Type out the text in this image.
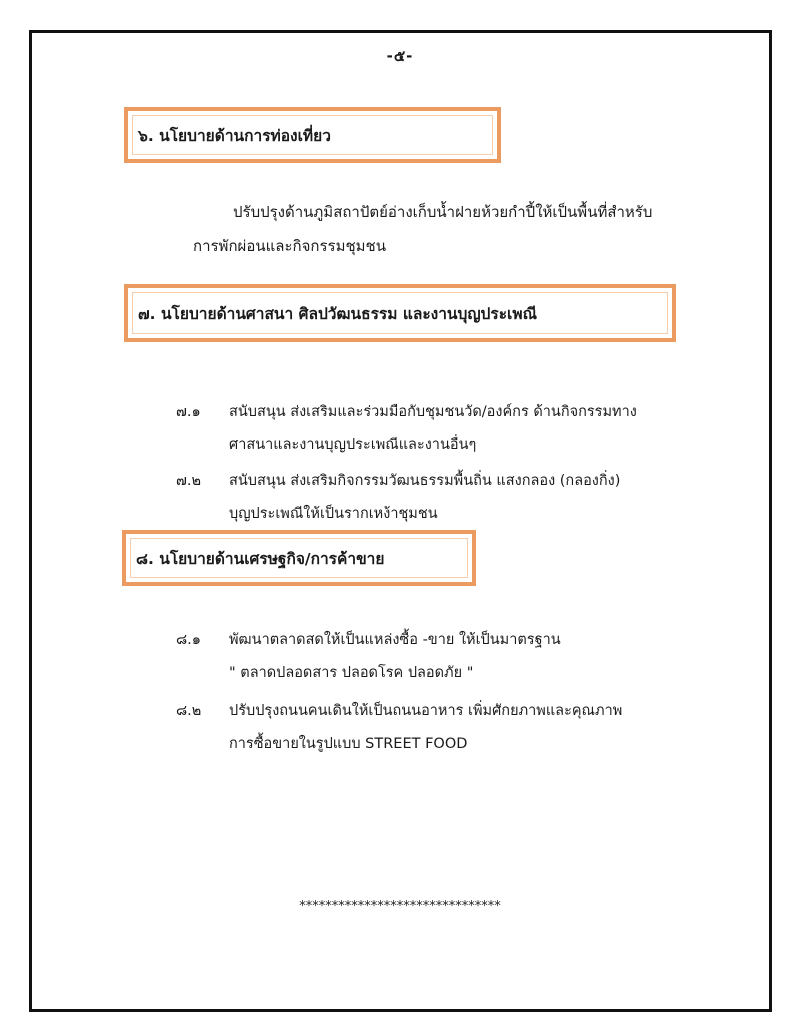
-๕-
๖. นโยบายด้านการท่องเที่ยว
ปรับปรุงด้านภูมิสถาปัตย์อ่างเก็บน้ำฝายห้วยกำปี้ให้เป็นพื้นที่สำหรับ
การพักผ่อนและกิจกรรมชุมชน
๗. นโยบายด้านศาสนา ศิลปวัฒนธรรม และงานบุญประเพณี
๗.๑ สนับสนุน ส่งเสริมและร่วมมือกับชุมชนวัด/องค์กร ด้านกิจกรรมทาง
ศาสนาและงานบุญประเพณีและงานอื่นๆ
๗.๒ สนับสนุน ส่งเสริมกิจกรรมวัฒนธรรมพื้นถิ่น แสงกลอง (กลองกิ่ง)
บุญประเพณีให้เป็นรากเหง้าชุมชน
๘. นโยบายด้านเศรษฐกิจ/การค้าขาย
๘.๑ พัฒนาตลาดสดให้เป็นแหล่งซื้อ -ขาย ให้เป็นมาตรฐาน
" ตลาดปลอดสาร ปลอดโรค ปลอดภัย "
๘.๒ ปรับปรุงถนนคนเดินให้เป็นถนนอาหาร เพิ่มศักยภาพและคุณภาพ
การซื้อขายในรูปแบบ STREET FOOD
*******************************
